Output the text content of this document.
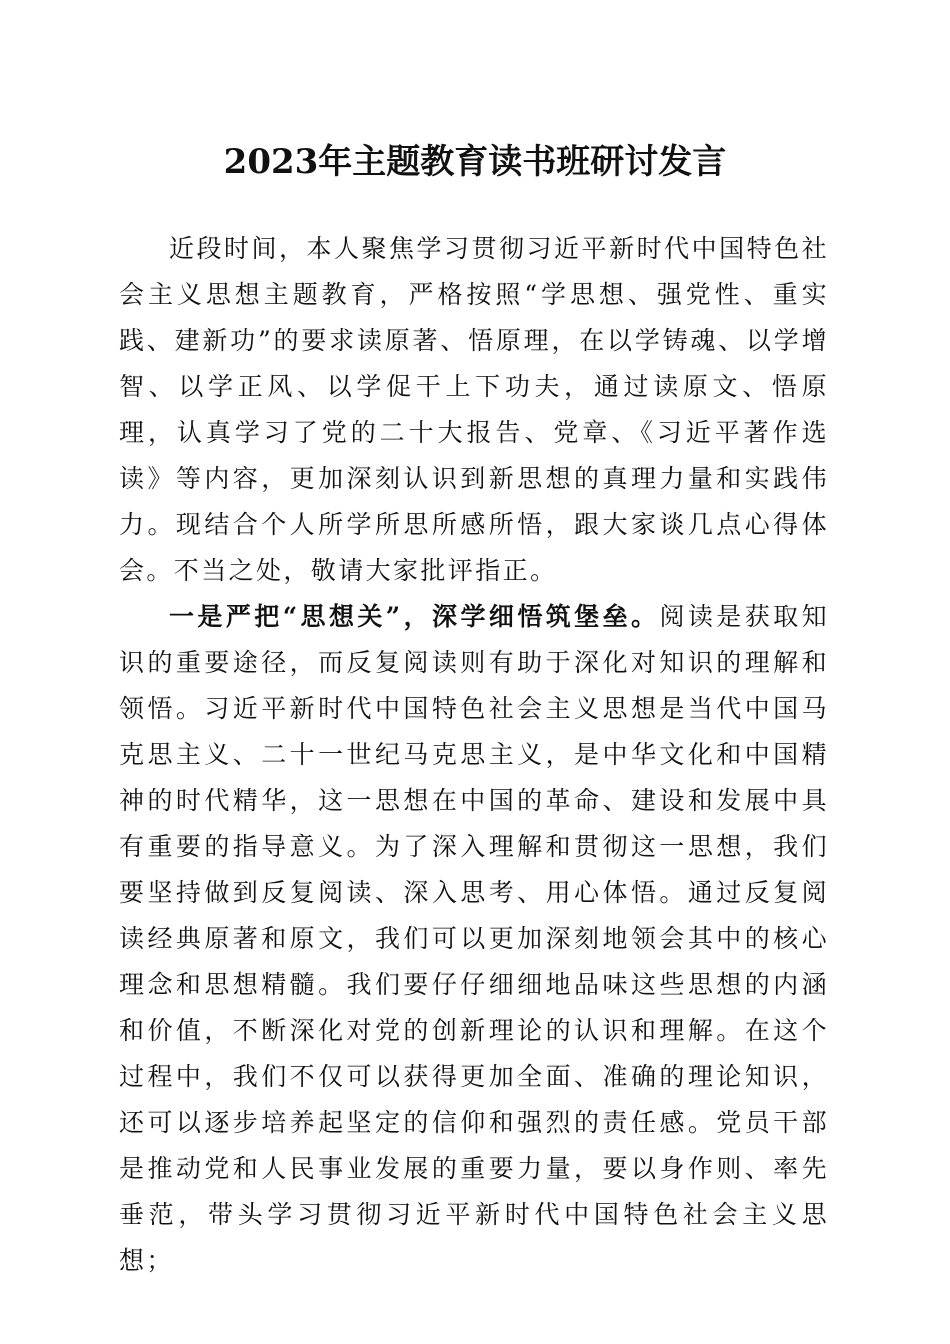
2023年主题教育读书班研讨发言

近段时间，本人聚焦学习贯彻习近平新时代中国特色社会主义思想主题教育，严格按照“学思想、强党性、重实践、建新功”的要求读原著、悟原理，在以学铸魂、以学增智、以学正风、以学促干上下功夫，通过读原文、悟原理，认真学习了党的二十大报告、党章、《习近平著作选读》等内容，更加深刻认识到新思想的真理力量和实践伟力。现结合个人所学所思所感所悟，跟大家谈几点心得体会。不当之处，敬请大家批评指正。

一是严把“思想关”，深学细悟筑堡垒。阅读是获取知识的重要途径，而反复阅读则有助于深化对知识的理解和领悟。习近平新时代中国特色社会主义思想是当代中国马克思主义、二十一世纪马克思主义，是中华文化和中国精神的时代精华，这一思想在中国的革命、建设和发展中具有重要的指导意义。为了深入理解和贯彻这一思想，我们要坚持做到反复阅读、深入思考、用心体悟。通过反复阅读经典原著和原文，我们可以更加深刻地领会其中的核心理念和思想精髓。我们要仔仔细细地品味这些思想的内涵和价值，不断深化对党的创新理论的认识和理解。在这个过程中，我们不仅可以获得更加全面、准确的理论知识，还可以逐步培养起坚定的信仰和强烈的责任感。党员干部是推动党和人民事业发展的重要力量，要以身作则、率先垂范，带头学习贯彻习近平新时代中国特色社会主义思想；
